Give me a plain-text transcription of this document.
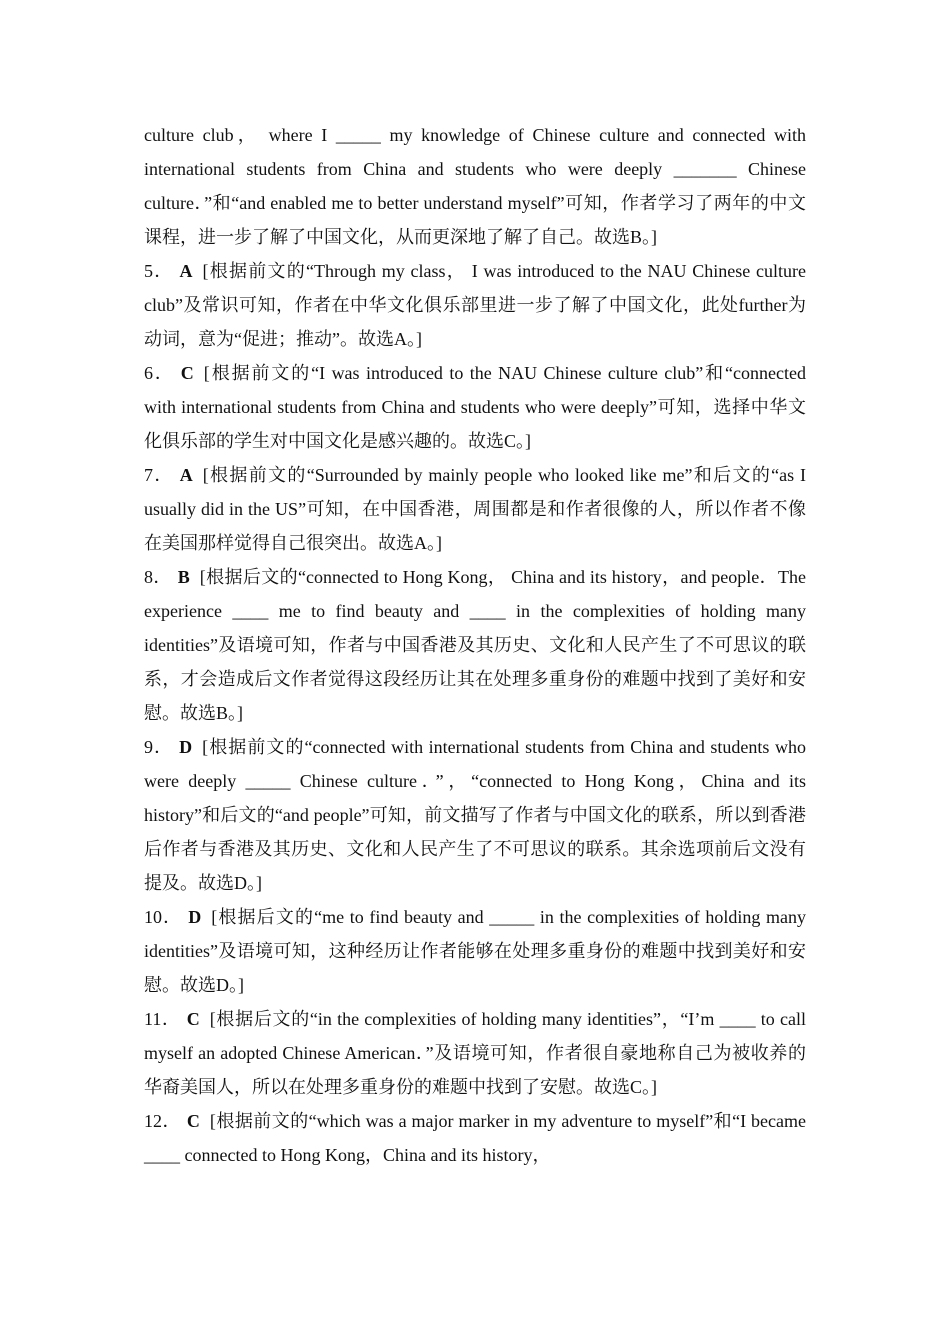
culture club， where I _____ my knowledge of Chinese culture and connected with international students from China and students who were deeply _______ Chinese culture．”和“and enabled me to better understand myself”可知，作者学习了两年的中文课程，进一步了解了中国文化，从而更深地了解了自己。故选B。]

5． A [根据前文的“Through my class， I was introduced to the NAU Chinese culture club”及常识可知，作者在中华文化俱乐部里进一步了解了中国文化，此处further为动词，意为“促进；推动”。故选A。]

6． C [根据前文的“I was introduced to the NAU Chinese culture club”和“connected with international students from China and students who were deeply”可知，选择中华文化俱乐部的学生对中国文化是感兴趣的。故选C。]

7． A [根据前文的“Surrounded by mainly people who looked like me”和后文的“as I usually did in the US”可知，在中国香港，周围都是和作者很像的人，所以作者不像在美国那样觉得自己很突出。故选A。]

8． B [根据后文的“connected to Hong Kong， China and its history，and people．The experience ____ me to find beauty and ____ in the complexities of holding many identities”及语境可知，作者与中国香港及其历史、文化和人民产生了不可思议的联系，才会造成后文作者觉得这段经历让其在处理多重身份的难题中找到了美好和安慰。故选B。]

9． D [根据前文的“connected with international students from China and students who were deeply _____ Chinese culture．”，“connected to Hong Kong，China and its history”和后文的“and people”可知，前文描写了作者与中国文化的联系，所以到香港后作者与香港及其历史、文化和人民产生了不可思议的联系。其余选项前后文没有提及。故选D。]

10． D [根据后文的“me to find beauty and _____ in the complexities of holding many identities”及语境可知，这种经历让作者能够在处理多重身份的难题中找到美好和安慰。故选D。]

11． C [根据后文的“in the complexities of holding many identities”，“I’m ____ to call myself an adopted Chinese American．”及语境可知，作者很自豪地称自己为被收养的华裔美国人，所以在处理多重身份的难题中找到了安慰。故选C。]

12． C [根据前文的“which was a major marker in my adventure to myself”和“I became ____ connected to Hong Kong，China and its history，
